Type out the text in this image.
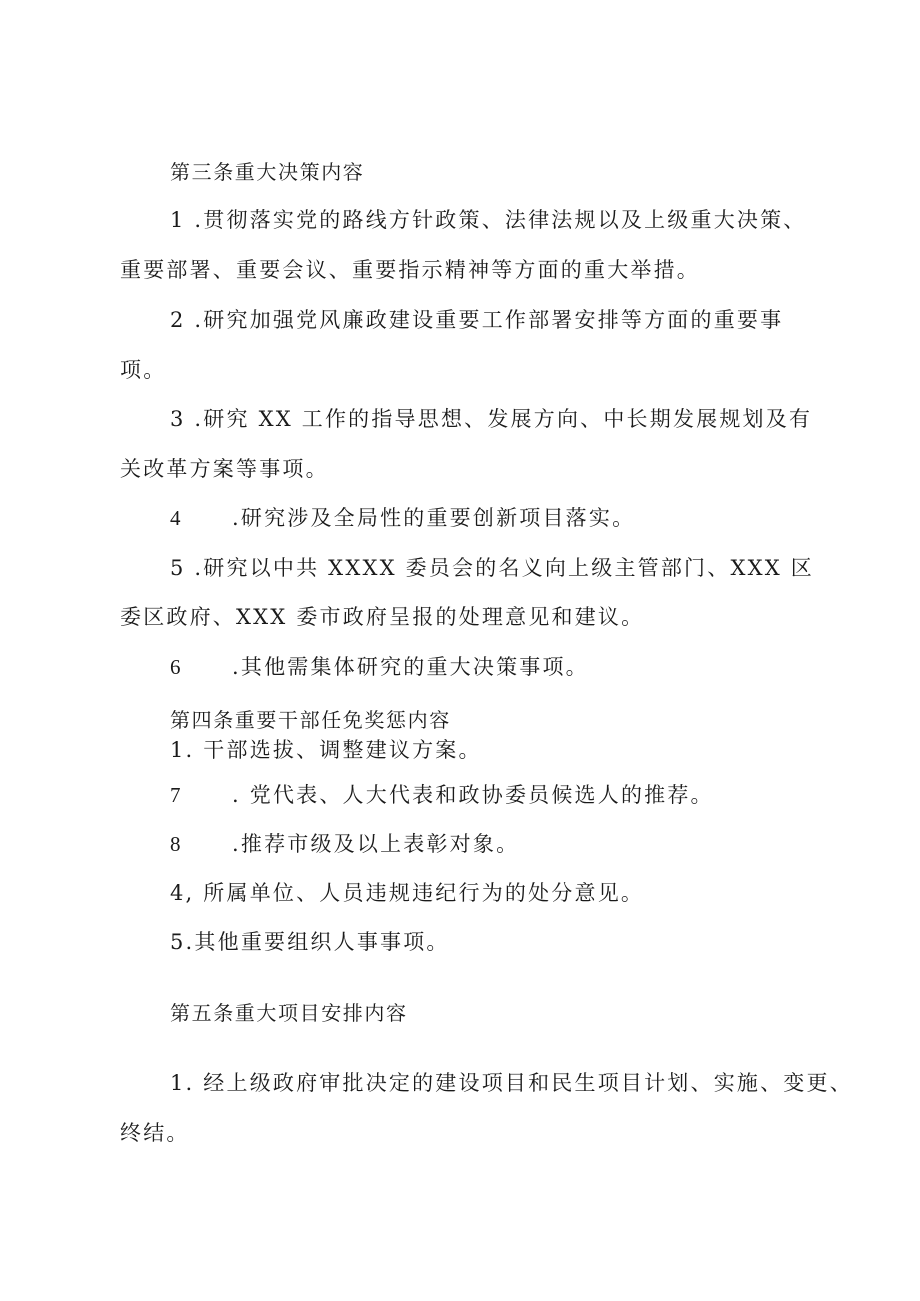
第三条重大决策内容
1 .贯彻落实党的路线方针政策、法律法规以及上级重大决策、
重要部署、重要会议、重要指示精神等方面的重大举措。
2 .研究加强党风廉政建设重要工作部署安排等方面的重要事
项。
3 .研究 XX 工作的指导思想、发展方向、中长期发展规划及有
关改革方案等事项。
4 .研究涉及全局性的重要创新项目落实。
5 .研究以中共 XXXX 委员会的名义向上级主管部门、XXX 区
委区政府、XXX 委市政府呈报的处理意见和建议。
6 .其他需集体研究的重大决策事项。
第四条重要干部任免奖惩内容
1. 干部选拔、调整建议方案。
7 . 党代表、人大代表和政协委员候选人的推荐。
8 .推荐市级及以上表彰对象。
4, 所属单位、人员违规违纪行为的处分意见。
5.其他重要组织人事事项。
第五条重大项目安排内容
1. 经上级政府审批决定的建设项目和民生项目计划、实施、变更、
终结。
